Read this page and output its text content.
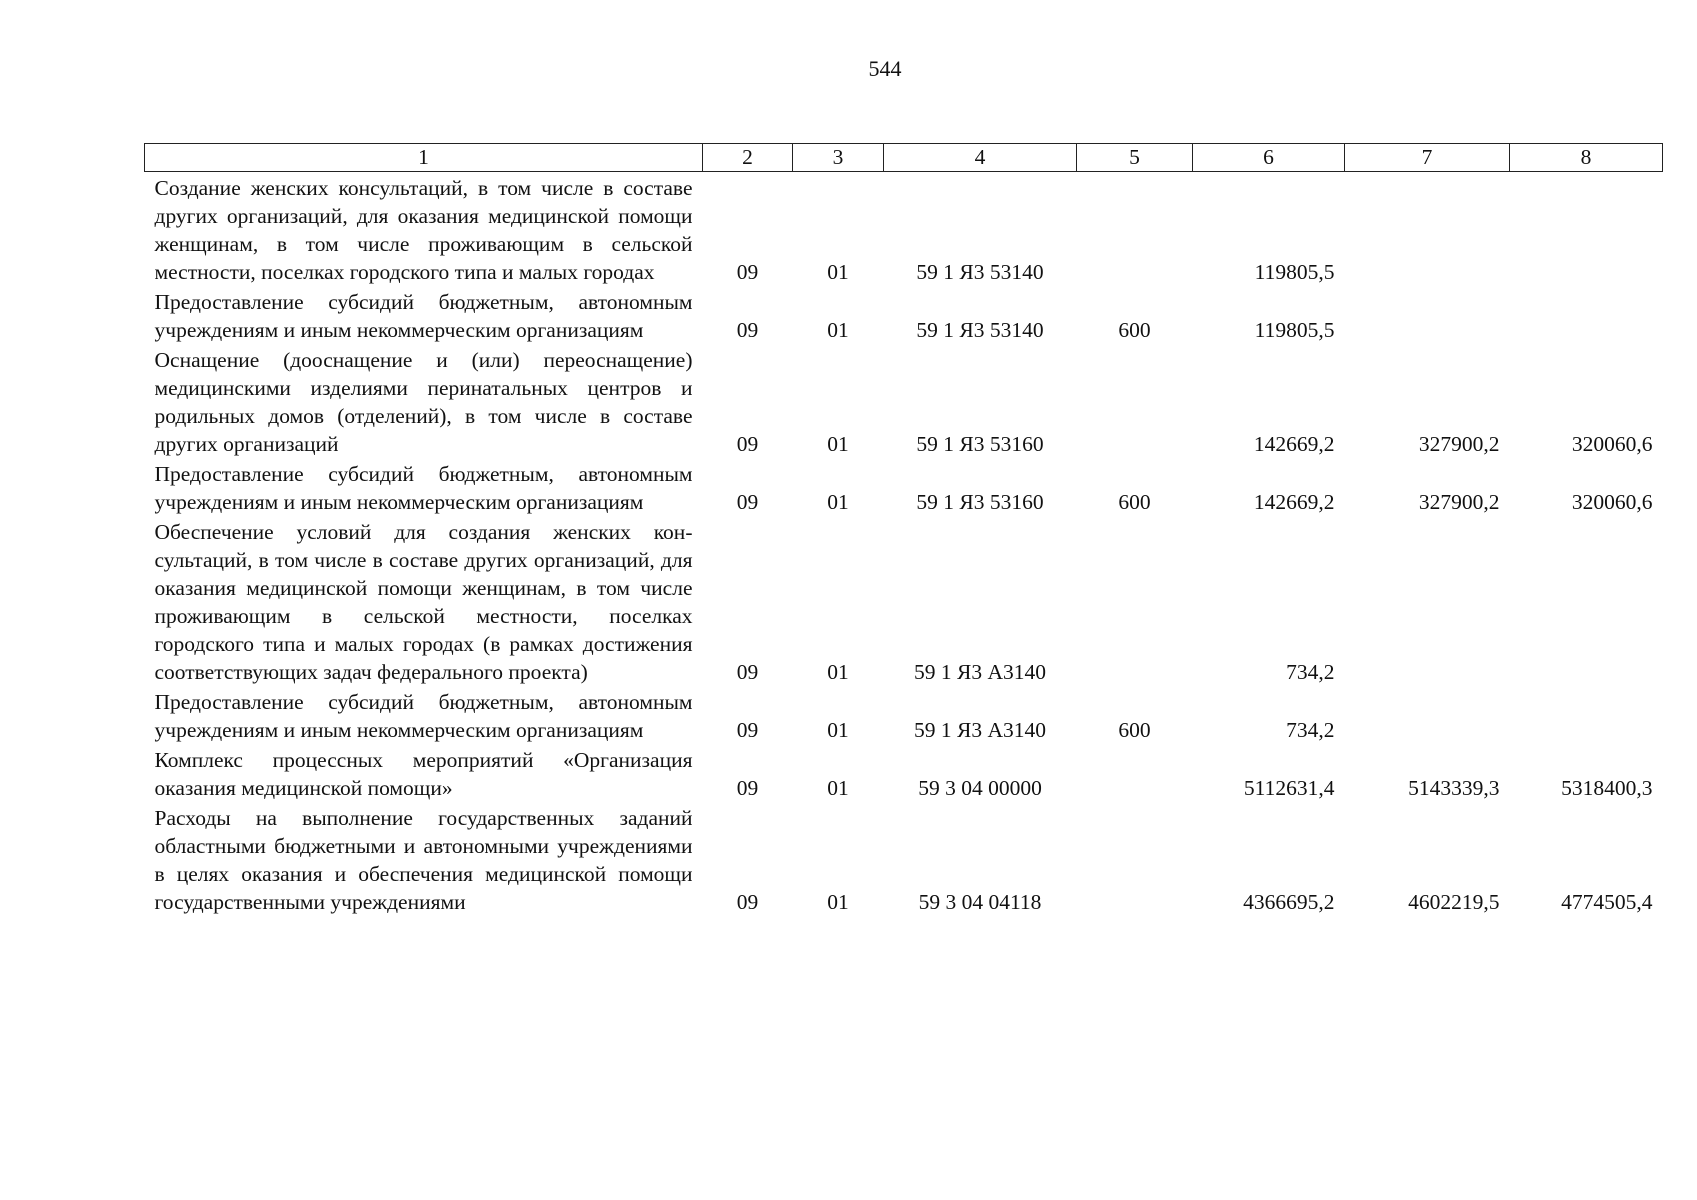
544
1	2	3	4	5	6	7	8
Создание женских консультаций, в том числе в составе других организаций, для оказания медицинской помощи женщинам, в том числе проживающим в сельской местности, поселках городского типа и малых городах	09	01	59 1 Я3 53140		119805,5		
Предоставление субсидий бюджетным, автономным учреждениям и иным некоммерческим организациям	09	01	59 1 Я3 53140	600	119805,5		
Оснащение (дооснащение и (или) переоснащение) медицинскими изделиями перинатальных центров и родильных домов (отделений), в том числе в составе других организаций	09	01	59 1 Я3 53160		142669,2	327900,2	320060,6
Предоставление субсидий бюджетным, автономным учреждениям и иным некоммерческим организациям	09	01	59 1 Я3 53160	600	142669,2	327900,2	320060,6
Обеспечение условий для создания женских консультаций, в том числе в составе других организаций, для оказания медицинской помощи женщинам, в том числе проживающим в сельской местности, поселках городского типа и малых городах (в рамках достижения соответствующих задач федерального проекта)	09	01	59 1 Я3 А3140		734,2		
Предоставление субсидий бюджетным, автономным учреждениям и иным некоммерческим организациям	09	01	59 1 Я3 А3140	600	734,2		
Комплекс процессных мероприятий «Организация оказания медицинской помощи»	09	01	59 3 04 00000		5112631,4	5143339,3	5318400,3
Расходы на выполнение государственных заданий областными бюджетными и автономными учреждениями в целях оказания и обеспечения медицинской помощи государственными учреждениями	09	01	59 3 04 04118		4366695,2	4602219,5	4774505,4
